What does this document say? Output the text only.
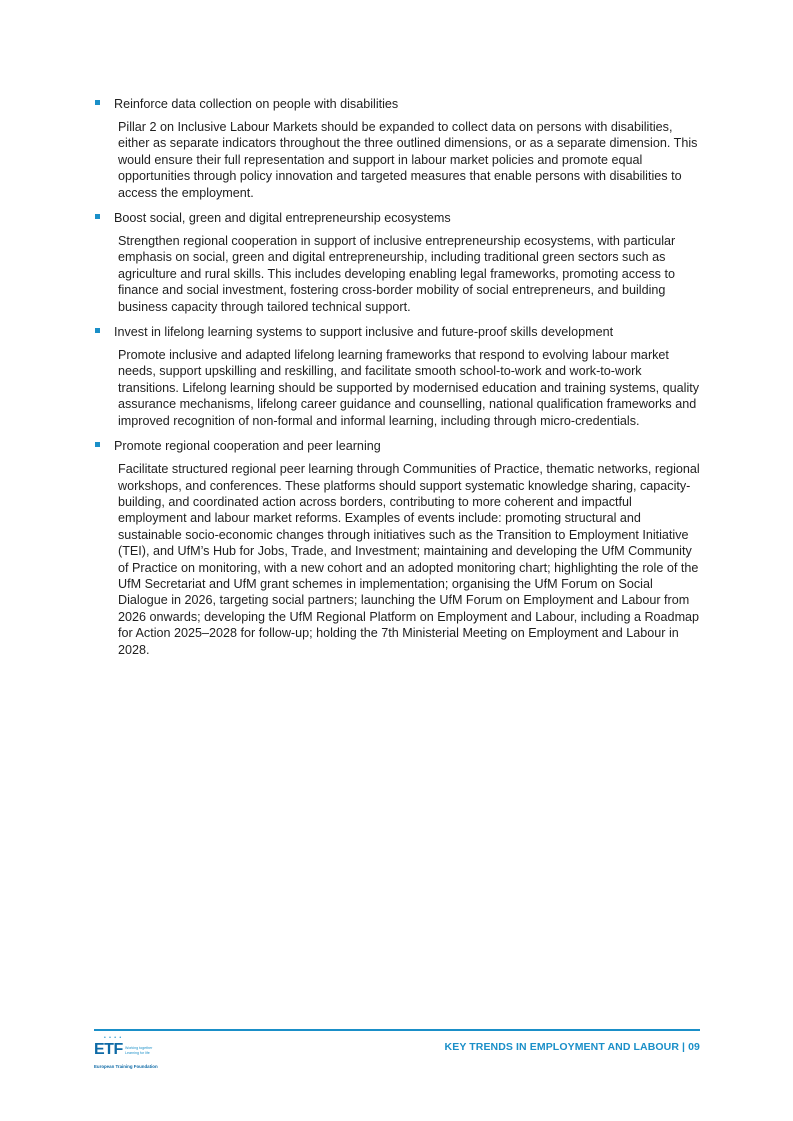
Reinforce data collection on people with disabilities
Pillar 2 on Inclusive Labour Markets should be expanded to collect data on persons with disabilities, either as separate indicators throughout the three outlined dimensions, or as a separate dimension. This would ensure their full representation and support in labour market policies and promote equal opportunities through policy innovation and targeted measures that enable persons with disabilities to access the employment.
Boost social, green and digital entrepreneurship ecosystems
Strengthen regional cooperation in support of inclusive entrepreneurship ecosystems, with particular emphasis on social, green and digital entrepreneurship, including traditional green sectors such as agriculture and rural skills. This includes developing enabling legal frameworks, promoting access to finance and social investment, fostering cross-border mobility of social entrepreneurs, and building business capacity through tailored technical support.
Invest in lifelong learning systems to support inclusive and future-proof skills development
Promote inclusive and adapted lifelong learning frameworks that respond to evolving labour market needs, support upskilling and reskilling, and facilitate smooth school-to-work and work-to-work transitions. Lifelong learning should be supported by modernised education and training systems, quality assurance mechanisms, lifelong career guidance and counselling, national qualification frameworks and improved recognition of non-formal and informal learning, including through micro-credentials.
Promote regional cooperation and peer learning
Facilitate structured regional peer learning through Communities of Practice, thematic networks, regional workshops, and conferences. These platforms should support systematic knowledge sharing, capacity-building, and coordinated action across borders, contributing to more coherent and impactful employment and labour market reforms. Examples of events include: promoting structural and sustainable socio-economic changes through initiatives such as the Transition to Employment Initiative (TEI), and UfM’s Hub for Jobs, Trade, and Investment; maintaining and developing the UfM Community of Practice on monitoring, with a new cohort and an adopted monitoring chart; highlighting the role of the UfM Secretariat and UfM grant schemes in implementation; organising the UfM Forum on Social Dialogue in 2026, targeting social partners; launching the UfM Forum on Employment and Labour from 2026 onwards; developing the UfM Regional Platform on Employment and Labour, including a Roadmap for Action 2025–2028 for follow-up; holding the 7th Ministerial Meeting on Employment and Labour in 2028.
• • • •
ETF Working together Learning for life
European Training Foundation
KEY TRENDS IN EMPLOYMENT AND LABOUR | 09
